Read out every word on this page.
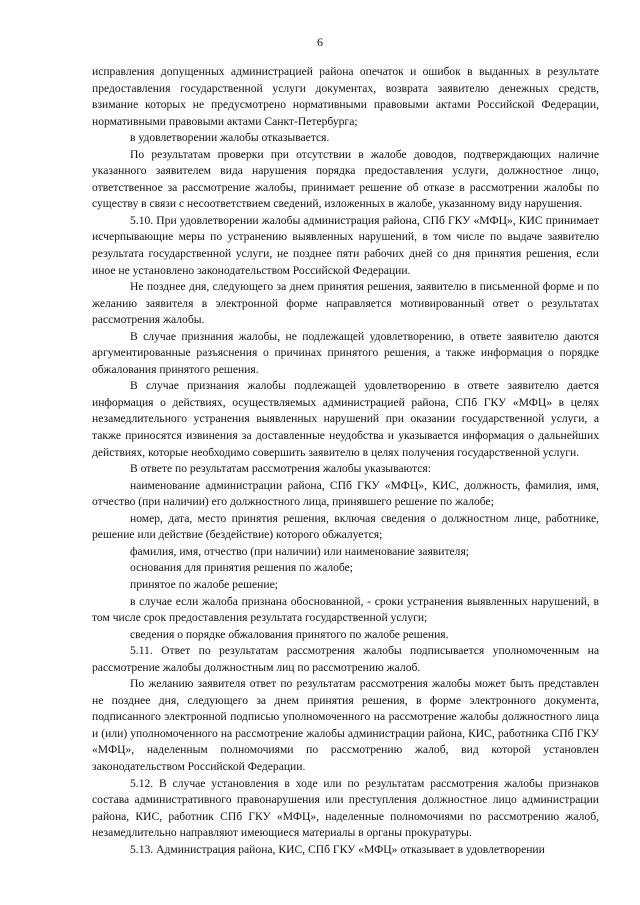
6

исправления допущенных администрацией района опечаток и ошибок в выданных в результате предоставления государственной услуги документах, возврата заявителю денежных средств, взимание которых не предусмотрено нормативными правовыми актами Российской Федерации, нормативными правовыми актами Санкт-Петербурга;

в удовлетворении жалобы отказывается.

По результатам проверки при отсутствии в жалобе доводов, подтверждающих наличие указанного заявителем вида нарушения порядка предоставления услуги, должностное лицо, ответственное за рассмотрение жалобы, принимает решение об отказе в рассмотрении жалобы по существу в связи с несоответствием сведений, изложенных в жалобе, указанному виду нарушения.

5.10. При удовлетворении жалобы администрация района, СПб ГКУ «МФЦ», КИС принимает исчерпывающие меры по устранению выявленных нарушений, в том числе по выдаче заявителю результата государственной услуги, не позднее пяти рабочих дней со дня принятия решения, если иное не установлено законодательством Российской Федерации.

Не позднее дня, следующего за днем принятия решения, заявителю в письменной форме и по желанию заявителя в электронной форме направляется мотивированный ответ о результатах рассмотрения жалобы.

В случае признания жалобы, не подлежащей удовлетворению, в ответе заявителю даются аргументированные разъяснения о причинах принятого решения, а также информация о порядке обжалования принятого решения.

В случае признания жалобы подлежащей удовлетворению в ответе заявителю дается информация о действиях, осуществляемых администрацией района, СПб ГКУ «МФЦ» в целях незамедлительного устранения выявленных нарушений при оказании государственной услуги, а также приносятся извинения за доставленные неудобства и указывается информация о дальнейших действиях, которые необходимо совершить заявителю в целях получения государственной услуги.

В ответе по результатам рассмотрения жалобы указываются:

наименование администрации района, СПб ГКУ «МФЦ», КИС, должность, фамилия, имя, отчество (при наличии) его должностного лица, принявшего решение по жалобе;

номер, дата, место принятия решения, включая сведения о должностном лице, работнике, решение или действие (бездействие) которого обжалуется;

фамилия, имя, отчество (при наличии) или наименование заявителя;

основания для принятия решения по жалобе;

принятое по жалобе решение;

в случае если жалоба признана обоснованной, - сроки устранения выявленных нарушений, в том числе срок предоставления результата государственной услуги;

сведения о порядке обжалования принятого по жалобе решения.

5.11. Ответ по результатам рассмотрения жалобы подписывается уполномоченным на рассмотрение жалобы должностным лиц по рассмотрению жалоб.

По желанию заявителя ответ по результатам рассмотрения жалобы может быть представлен не позднее дня, следующего за днем принятия решения, в форме электронного документа, подписанного электронной подписью уполномоченного на рассмотрение жалобы должностного лица и (или) уполномоченного на рассмотрение жалобы администрации района, КИС, работника СПб ГКУ «МФЦ», наделенным полномочиями по рассмотрению жалоб, вид которой установлен законодательством Российской Федерации.

5.12. В случае установления в ходе или по результатам рассмотрения жалобы признаков состава административного правонарушения или преступления должностное лицо администрации района, КИС, работник СПб ГКУ «МФЦ», наделенные полномочиями по рассмотрению жалоб, незамедлительно направляют имеющиеся материалы в органы прокуратуры.

5.13. Администрация района, КИС, СПб ГКУ «МФЦ» отказывает в удовлетворении
